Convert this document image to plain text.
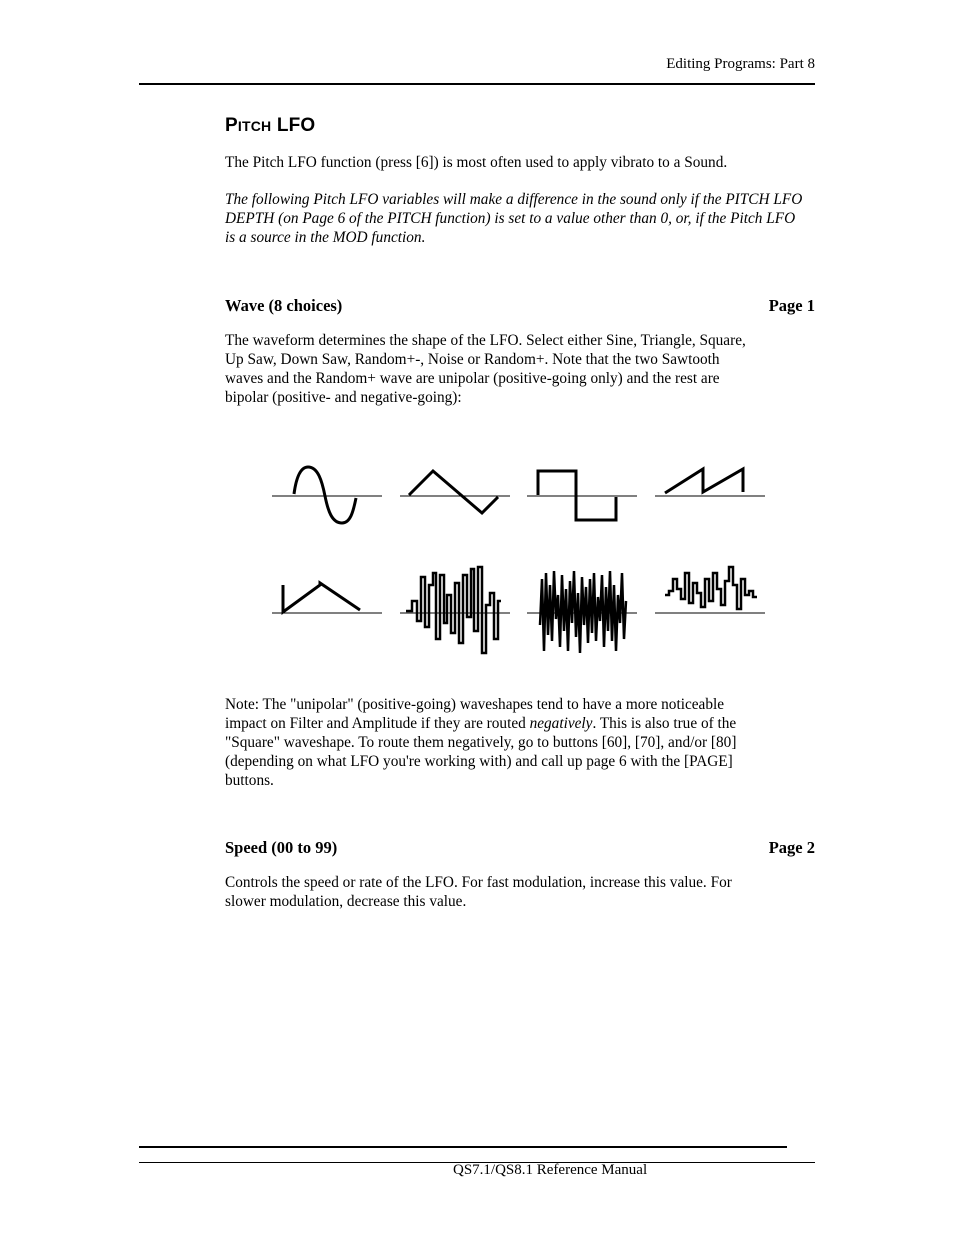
Editing Programs: Part 8
PITCH LFO
The Pitch LFO function (press [6]) is most often used to apply vibrato to a Sound.
The following Pitch LFO variables will make a difference in the sound only if the PITCH LFO
DEPTH (on Page 6 of the PITCH function) is set to a value other than 0, or, if the Pitch LFO
is a source in the MOD function.
Wave (8 choices)	Page 1
The waveform determines the shape of the LFO. Select either Sine, Triangle, Square,
Up Saw, Down Saw, Random+-, Noise or Random+. Note that the two Sawtooth
waves and the Random+ wave are unipolar (positive-going only) and the rest are
bipolar (positive- and negative-going):
Note: The "unipolar" (positive-going) waveshapes tend to have a more noticeable
impact on Filter and Amplitude if they are routed negatively. This is also true of the
"Square" waveshape. To route them negatively, go to buttons [60], [70], and/or [80]
(depending on what LFO you're working with) and call up page 6 with the [PAGE]
buttons.
Speed (00 to 99)	Page 2
Controls the speed or rate of the LFO. For fast modulation, increase this value. For
slower modulation, decrease this value.
QS7.1/QS8.1 Reference Manual
